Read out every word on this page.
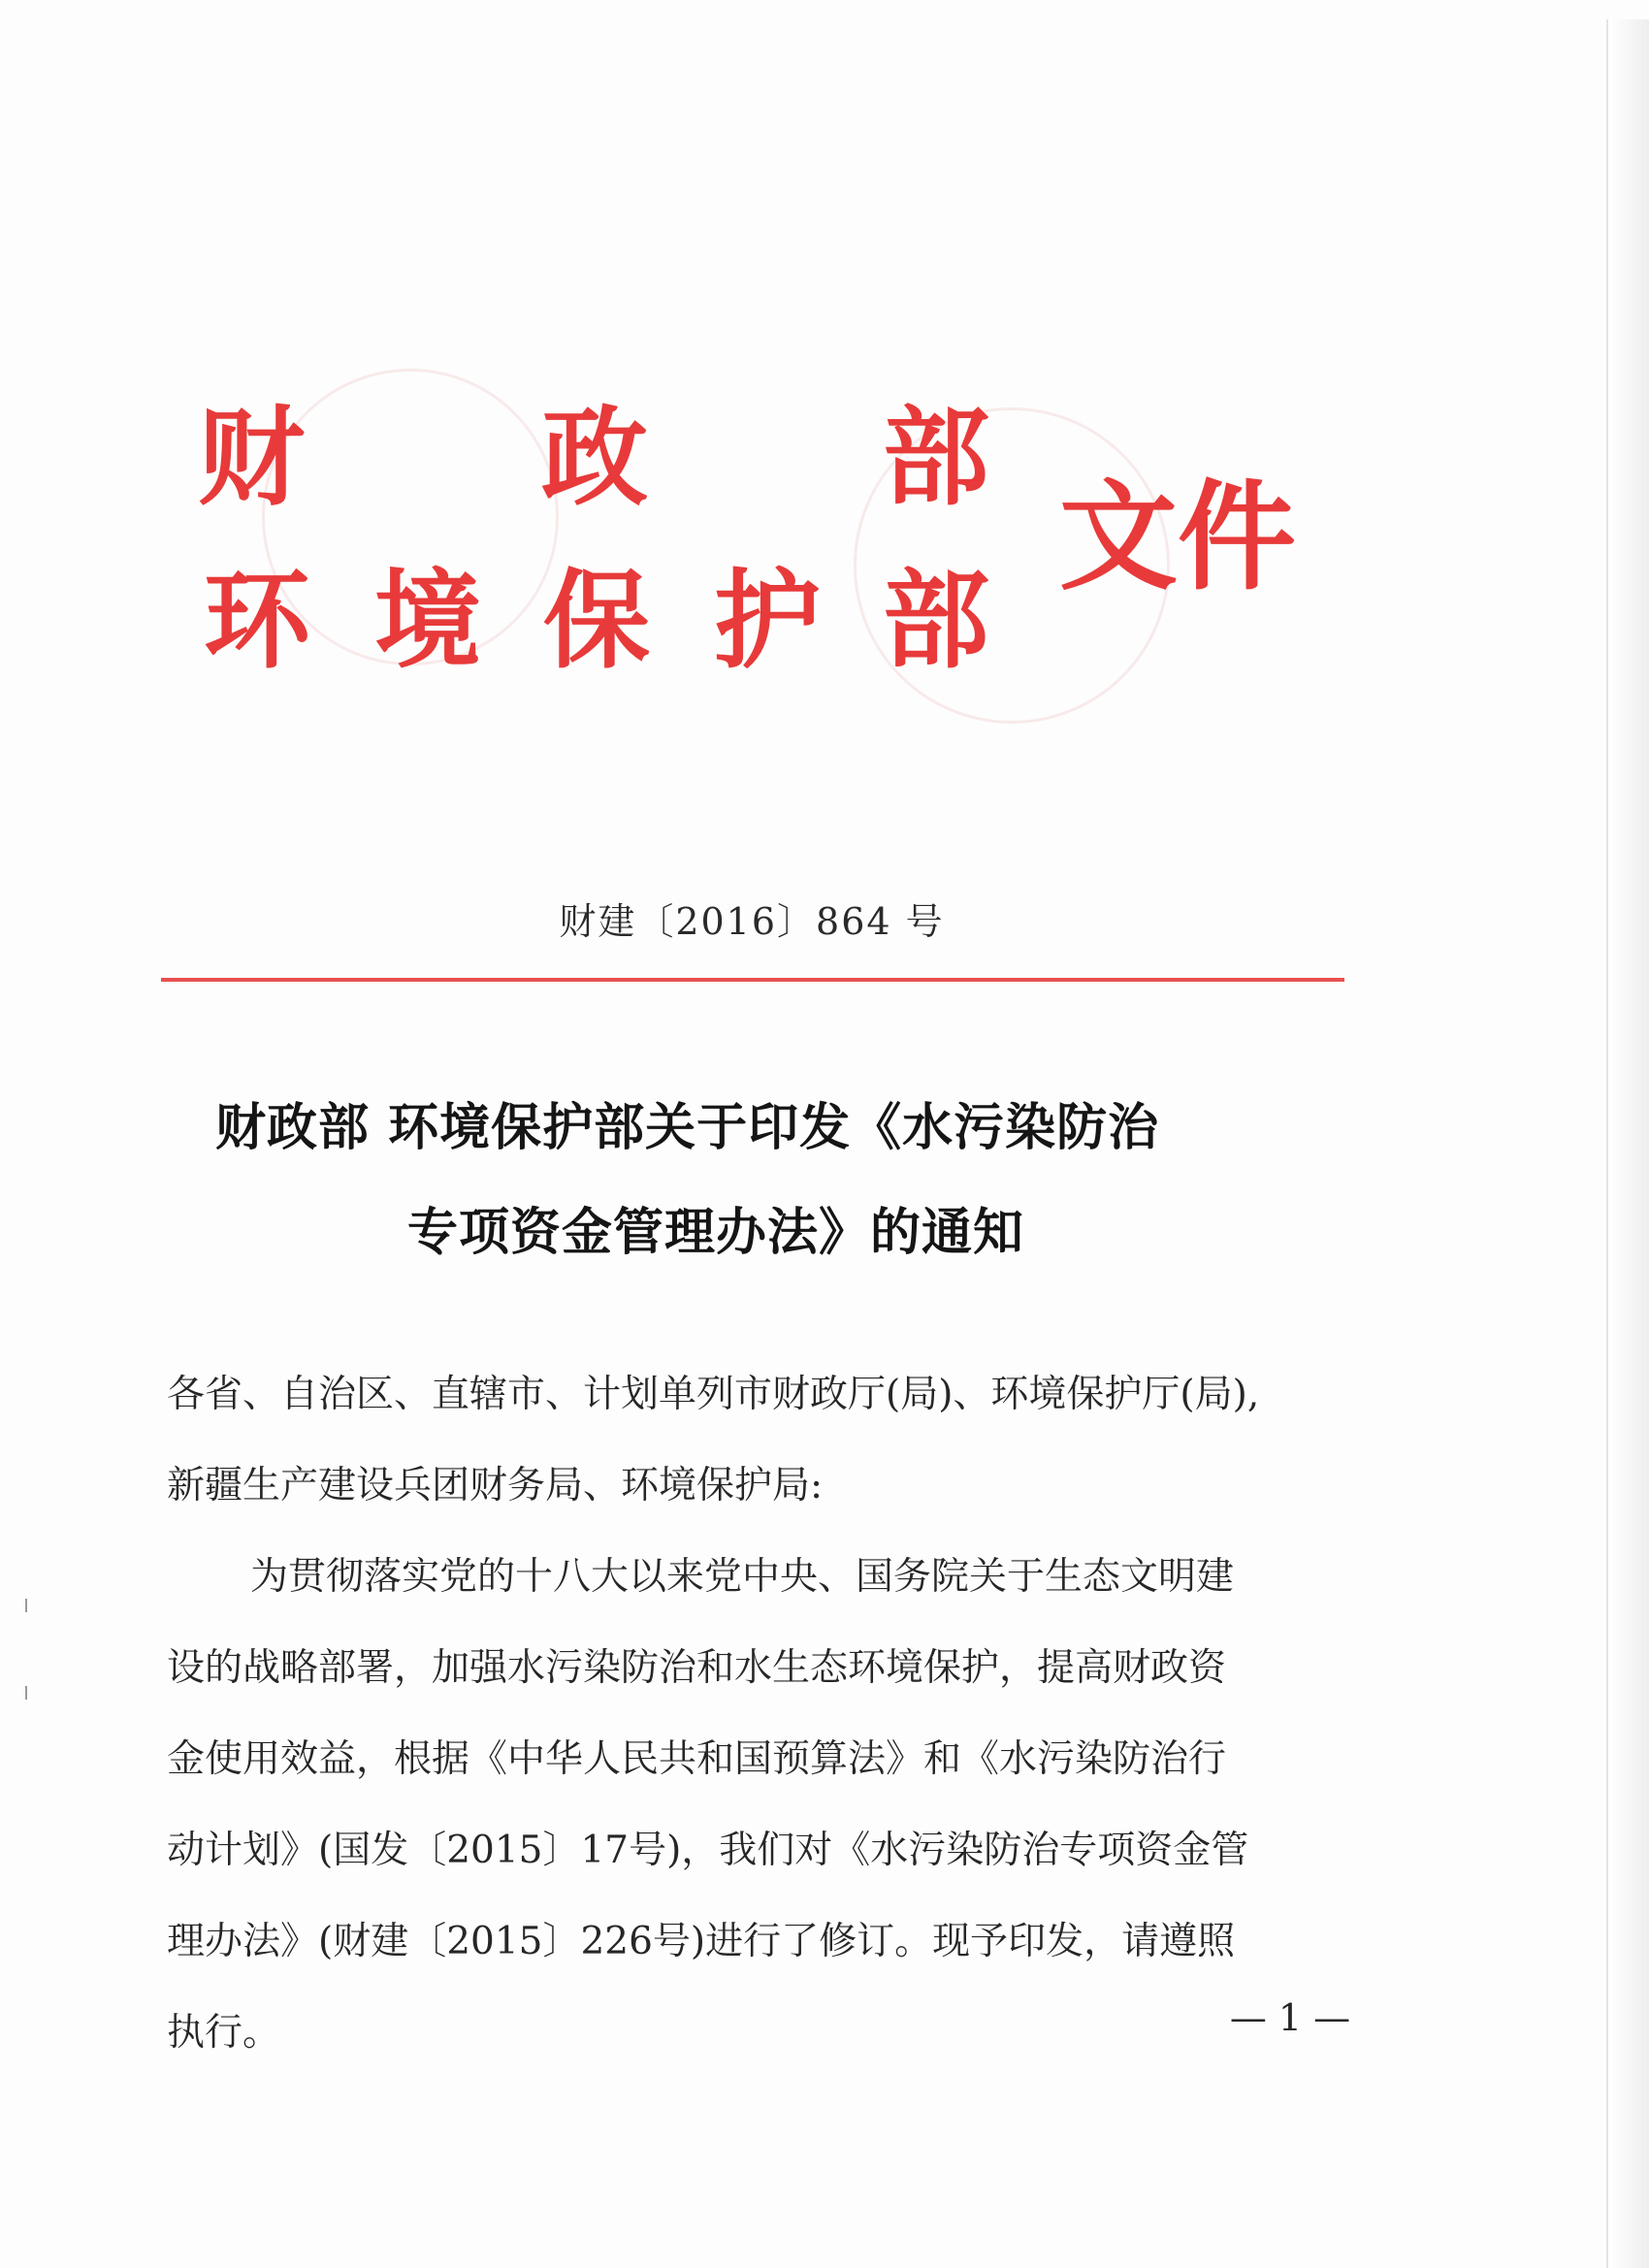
财 政 部
环 境 保 护 部
文件
财建〔2016〕864 号
财政部 环境保护部关于印发《水污染防治
专项资金管理办法》的通知
各省、自治区、直辖市、计划单列市财政厅(局)、环境保护厅(局),
新疆生产建设兵团财务局、环境保护局:
为贯彻落实党的十八大以来党中央、国务院关于生态文明建
设的战略部署，加强水污染防治和水生态环境保护，提高财政资
金使用效益，根据《中华人民共和国预算法》和《水污染防治行
动计划》(国发〔2015〕17号)，我们对《水污染防治专项资金管
理办法》(财建〔2015〕226号)进行了修订。现予印发，请遵照
执行。	— 1 —
